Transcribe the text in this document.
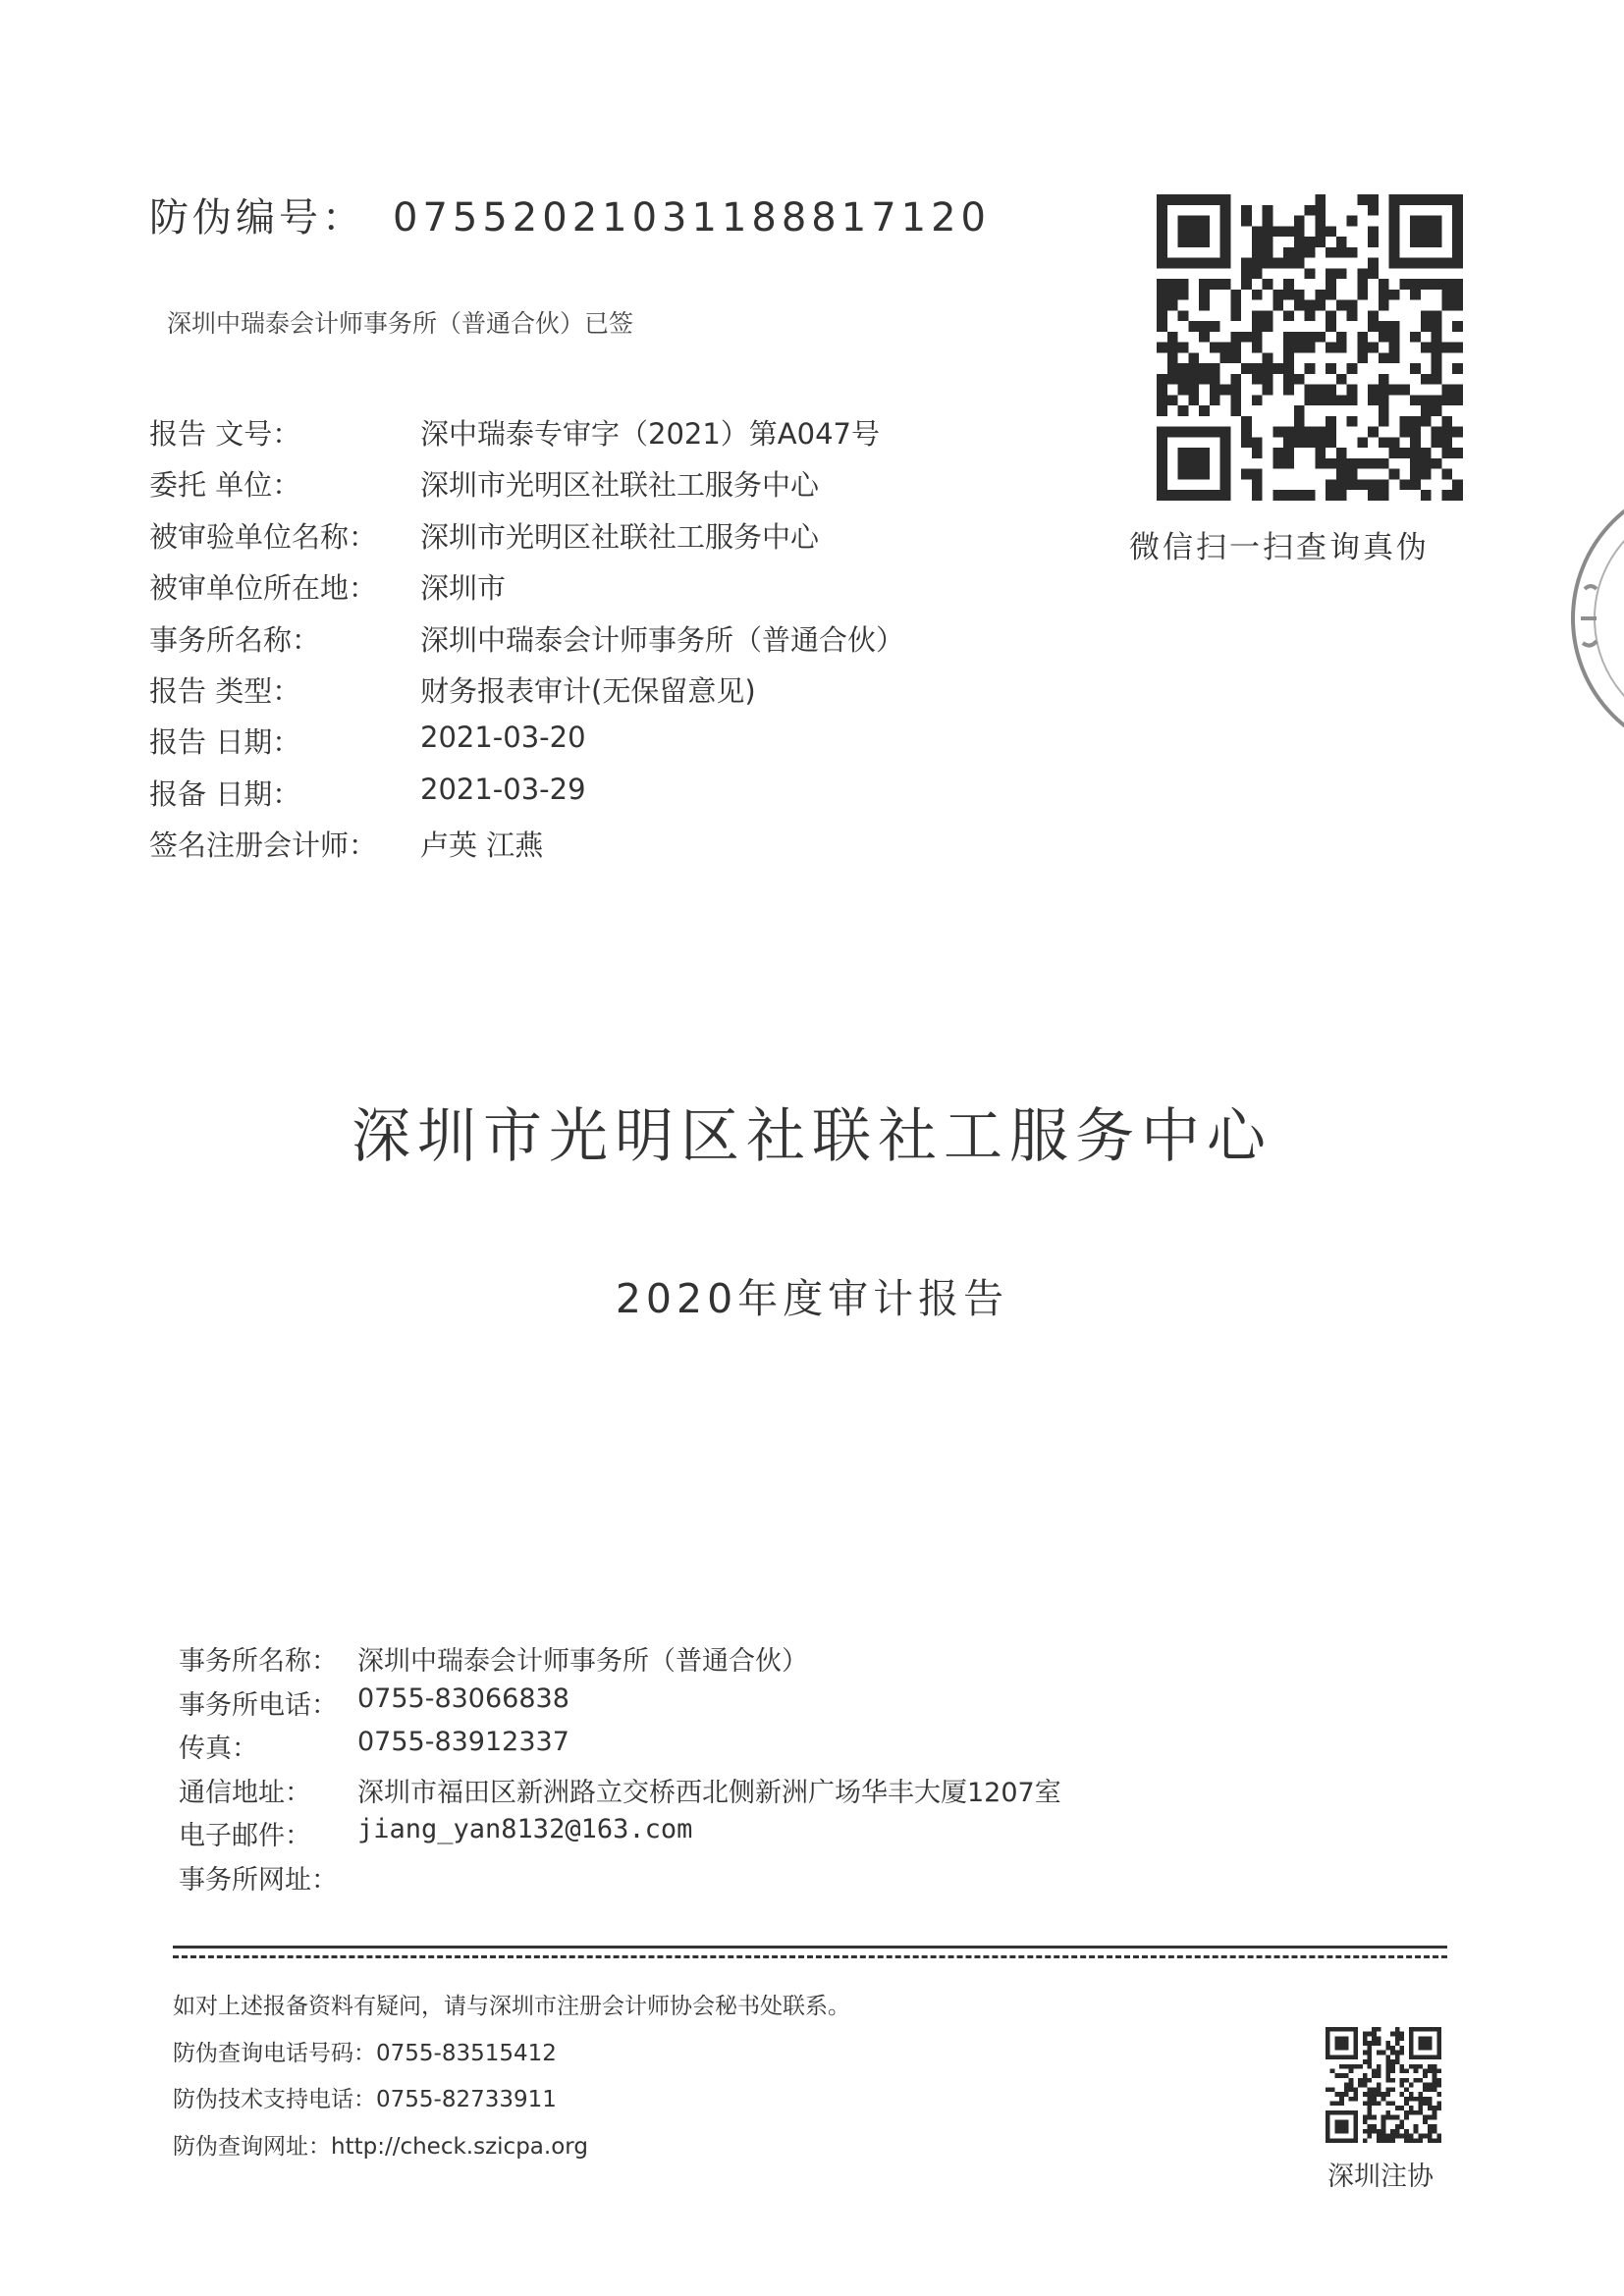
防伪编号： 07552021031188817120
深圳中瑞泰会计师事务所（普通合伙）已签
报告 文号：	深中瑞泰专审字（2021）第A047号
委托 单位：	深圳市光明区社联社工服务中心
被审验单位名称： 深圳市光明区社联社工服务中心
被审单位所在地： 深圳市
事务所名称：	深圳中瑞泰会计师事务所（普通合伙）
报告 类型：	财务报表审计(无保留意见)
报告 日期：	2021-03-20
报备 日期：	2021-03-29
签名注册会计师： 卢英 江燕
微信扫一扫查询真伪
深圳市光明区社联社工服务中心
2020年度审计报告
事务所名称： 深圳中瑞泰会计师事务所（普通合伙）
事务所电话： 0755-83066838
传真：	0755-83912337
通信地址： 深圳市福田区新洲路立交桥西北侧新洲广场华丰大厦1207室
电子邮件： jiang_yan8132@163.com
事务所网址：
如对上述报备资料有疑问，请与深圳市注册会计师协会秘书处联系。
防伪查询电话号码：0755-83515412
防伪技术支持电话：0755-82733911
防伪查询网址：http://check.szicpa.org
深圳注协
